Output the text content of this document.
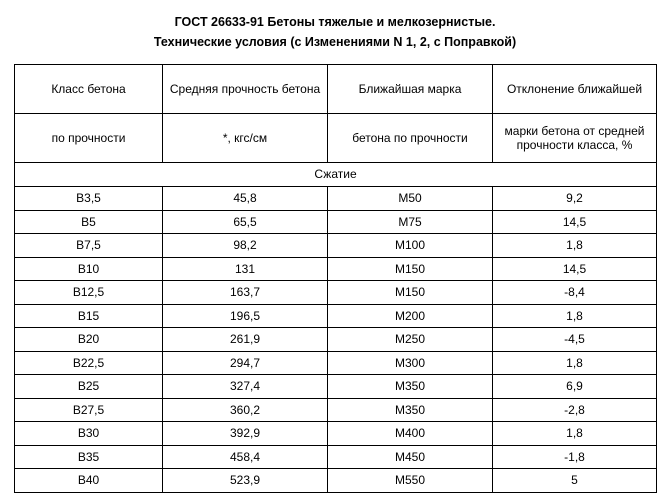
ГОСТ 26633-91 Бетоны тяжелые и мелкозернистые.
Технические условия (с Изменениями N 1, 2, с Поправкой)
Класс бетона	Средняя прочность бетона	Ближайшая марка	Отклонение ближайшей
по прочности	*, кгс/см	бетона по прочности	марки бетона от средней прочности класса, %
Сжатие			
В3,5	45,8	М50	9,2
В5	65,5	М75	14,5
В7,5	98,2	М100	1,8
В10	131	М150	14,5
В12,5	163,7	М150	-8,4
В15	196,5	М200	1,8
В20	261,9	М250	-4,5
В22,5	294,7	М300	1,8
В25	327,4	М350	6,9
В27,5	360,2	М350	-2,8
В30	392,9	М400	1,8
В35	458,4	М450	-1,8
В40	523,9	М550	5
